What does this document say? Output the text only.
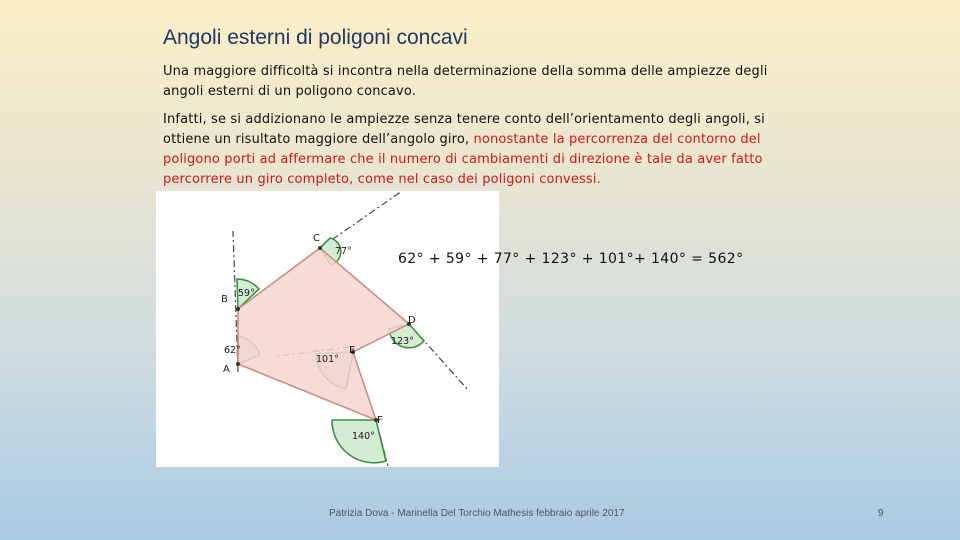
Angoli esterni di poligoni concavi

Una maggiore difficoltà si incontra nella determinazione della somma delle ampiezze degli angoli esterni di un poligono concavo.

Infatti, se si addizionano le ampiezze senza tenere conto dell’orientamento degli angoli, si ottiene un risultato maggiore dell’angolo giro, nonostante la percorrenza del contorno del poligono porti ad affermare che il numero di cambiamenti di direzione è tale da aver fatto percorrere un giro completo, come nel caso dei poligoni convessi.

A
B
C
D
E
F
62°
59°
77°
123°
101°
140°

62° + 59° + 77° + 123° + 101°+ 140° = 562°

Patrizia Dova - Marinella Del Torchio Mathesis febbraio aprile 2017	9
